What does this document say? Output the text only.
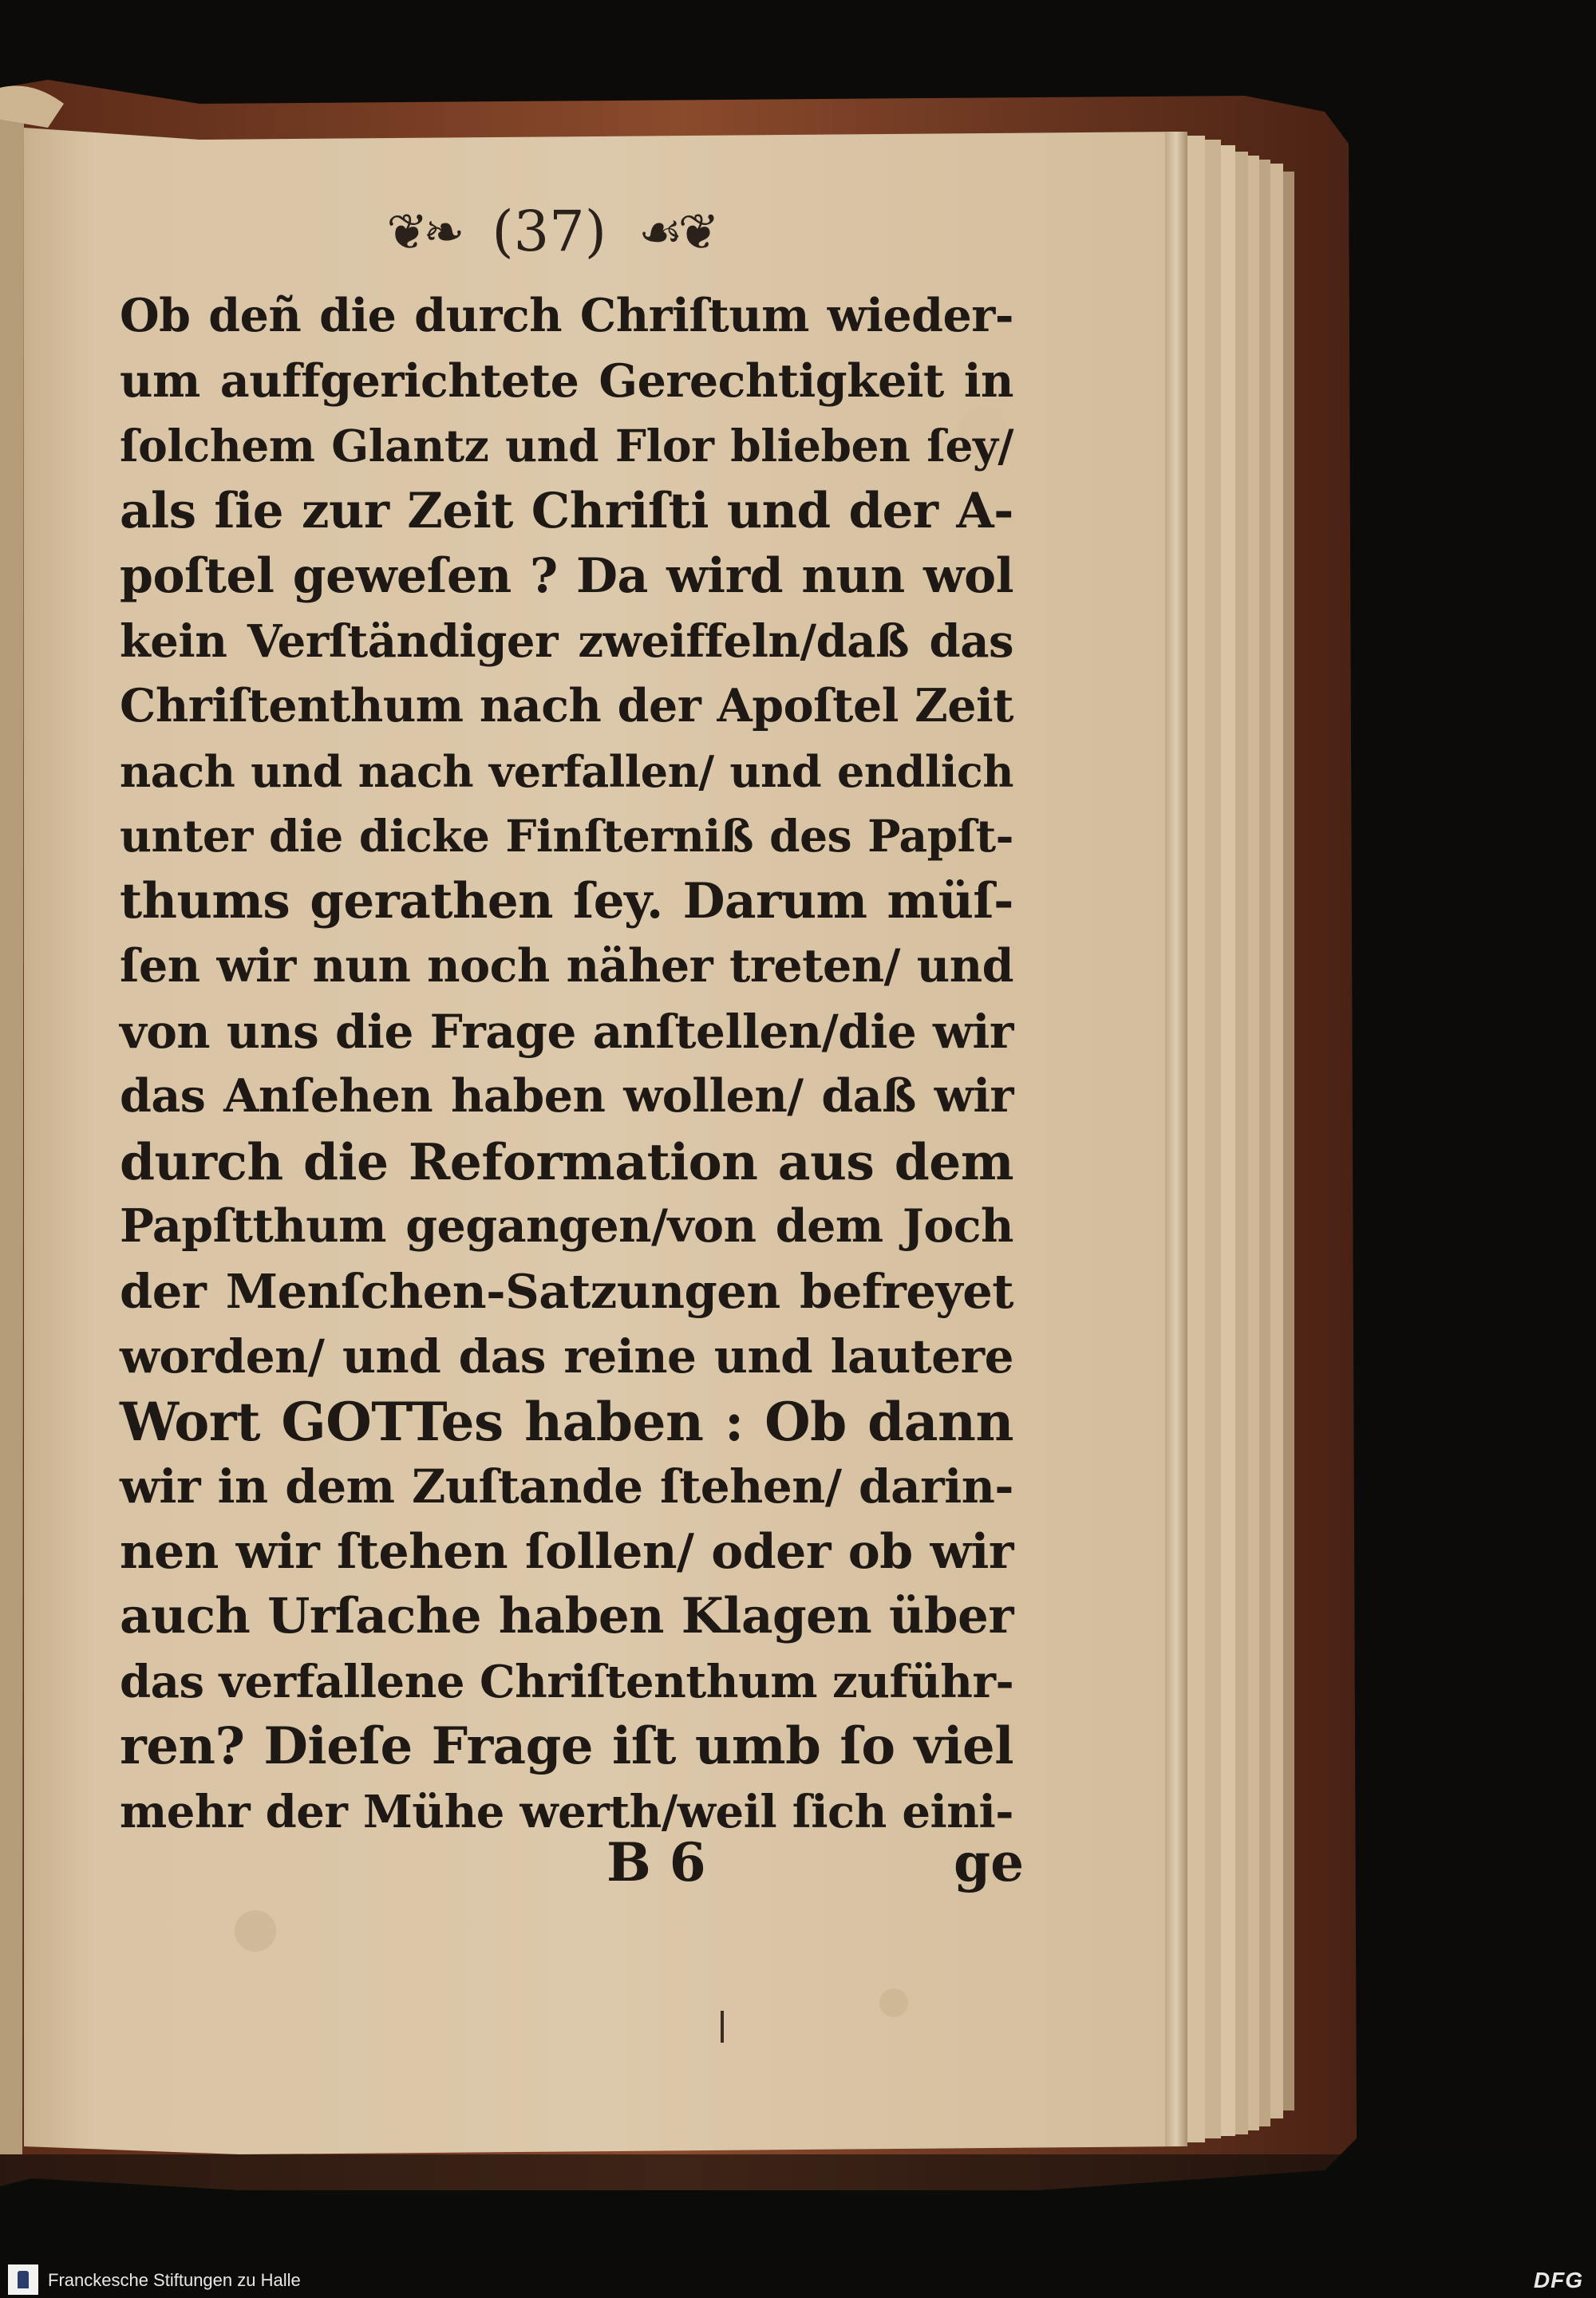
❦❧ (37) ☙❦
Ob deñ die durch Chriſtum wieder-
um auffgerichtete Gerechtigkeit in
ſolchem Glantz und Flor blieben ſey/
als ſie zur Zeit Chriſti und der A-
poſtel geweſen ? Da wird nun wol
kein Verſtändiger zweiffeln/daß das
Chriſtenthum nach der Apoſtel Zeit
nach und nach verfallen/ und endlich
unter die dicke Finſterniß des Papſt-
thums gerathen ſey. Darum müſ-
ſen wir nun noch näher treten/ und
von uns die Frage anſtellen/die wir
das Anſehen haben wollen/ daß wir
durch die Reformation aus dem
Papſtthum gegangen/von dem Joch
der Menſchen-Satzungen befreyet
worden/ und das reine und lautere
Wort GOTTes haben : Ob dann
wir in dem Zuſtande ſtehen/ darin-
nen wir ſtehen ſollen/ oder ob wir
auch Urſache haben Klagen über
das verfallene Chriſtenthum zuführ-
ren? Dieſe Frage iſt umb ſo viel
mehr der Mühe werth/weil ſich eini-
B 6	ge
Franckesche Stiftungen zu Halle	DFG
